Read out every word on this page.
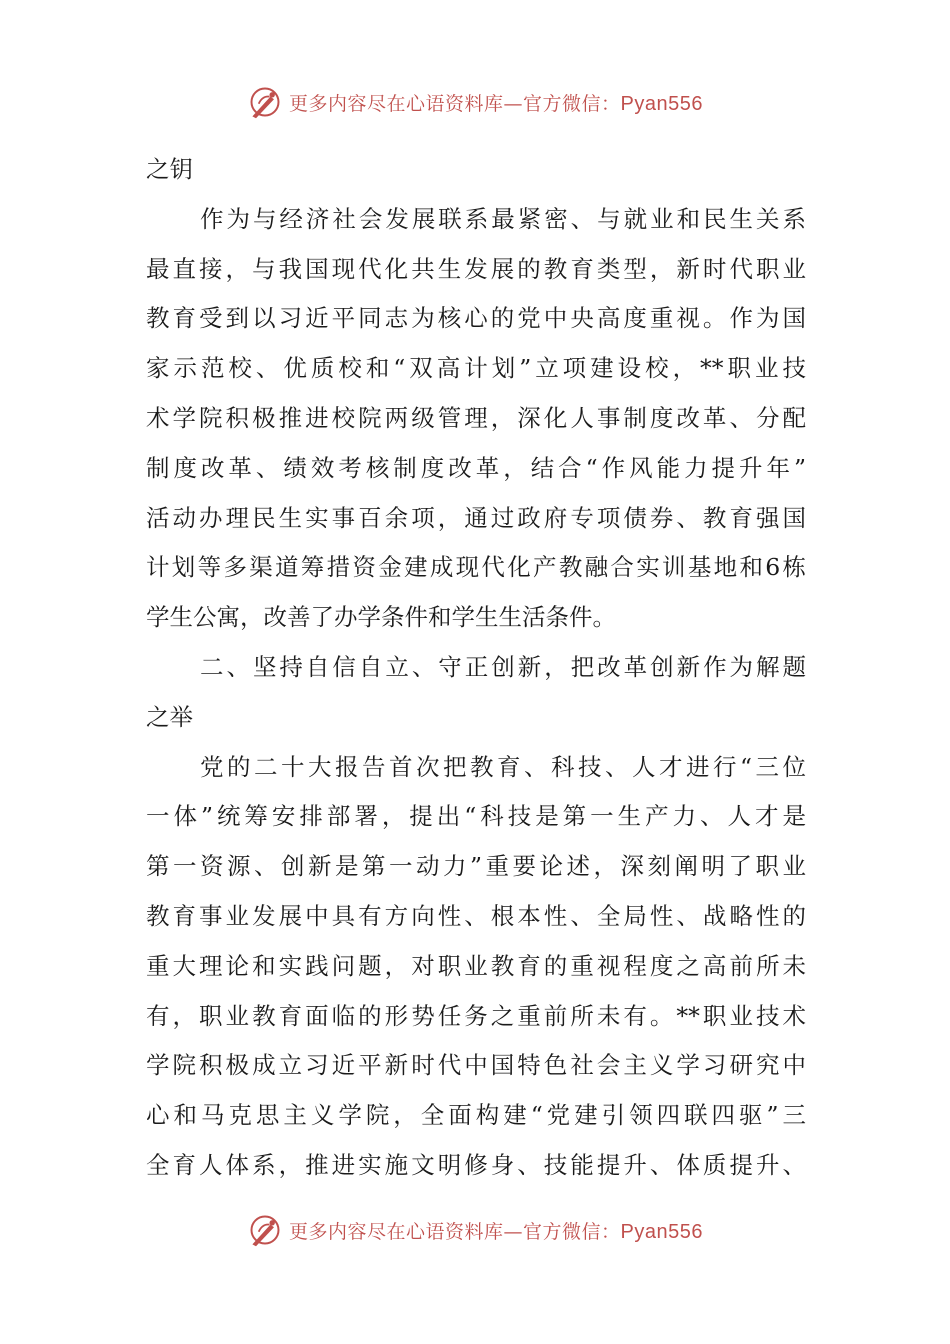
更多内容尽在心语资料库—官方微信：Pyan556
之钥
作为与经济社会发展联系最紧密、与就业和民生关系
最直接，与我国现代化共生发展的教育类型，新时代职业
教育受到以习近平同志为核心的党中央高度重视。作为国
家示范校、优质校和“双高计划”立项建设校，**职业技
术学院积极推进校院两级管理，深化人事制度改革、分配
制度改革、绩效考核制度改革，结合“作风能力提升年”
活动办理民生实事百余项，通过政府专项债券、教育强国
计划等多渠道筹措资金建成现代化产教融合实训基地和6栋
学生公寓，改善了办学条件和学生生活条件。
二、坚持自信自立、守正创新，把改革创新作为解题
之举
党的二十大报告首次把教育、科技、人才进行“三位
一体”统筹安排部署，提出“科技是第一生产力、人才是
第一资源、创新是第一动力”重要论述，深刻阐明了职业
教育事业发展中具有方向性、根本性、全局性、战略性的
重大理论和实践问题，对职业教育的重视程度之高前所未
有，职业教育面临的形势任务之重前所未有。**职业技术
学院积极成立习近平新时代中国特色社会主义学习研究中
心和马克思主义学院，全面构建“党建引领四联四驱”三
全育人体系，推进实施文明修身、技能提升、体质提升、
更多内容尽在心语资料库—官方微信：Pyan556
